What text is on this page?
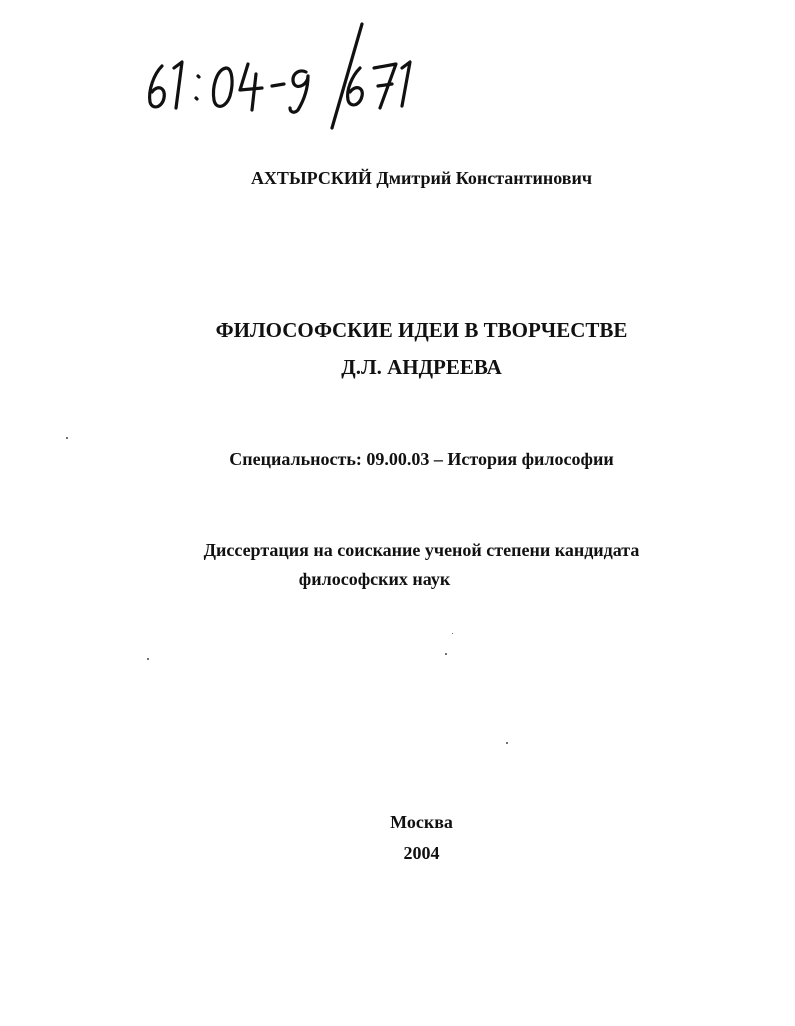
АХТЫРСКИЙ Дмитрий Константинович
ФИЛОСОФСКИЕ ИДЕИ В ТВОРЧЕСТВЕ
Д.Л. АНДРЕЕВА
Специальность: 09.00.03 – История философии
Диссертация на соискание ученой степени кандидата
философских наук
Москва
2004
